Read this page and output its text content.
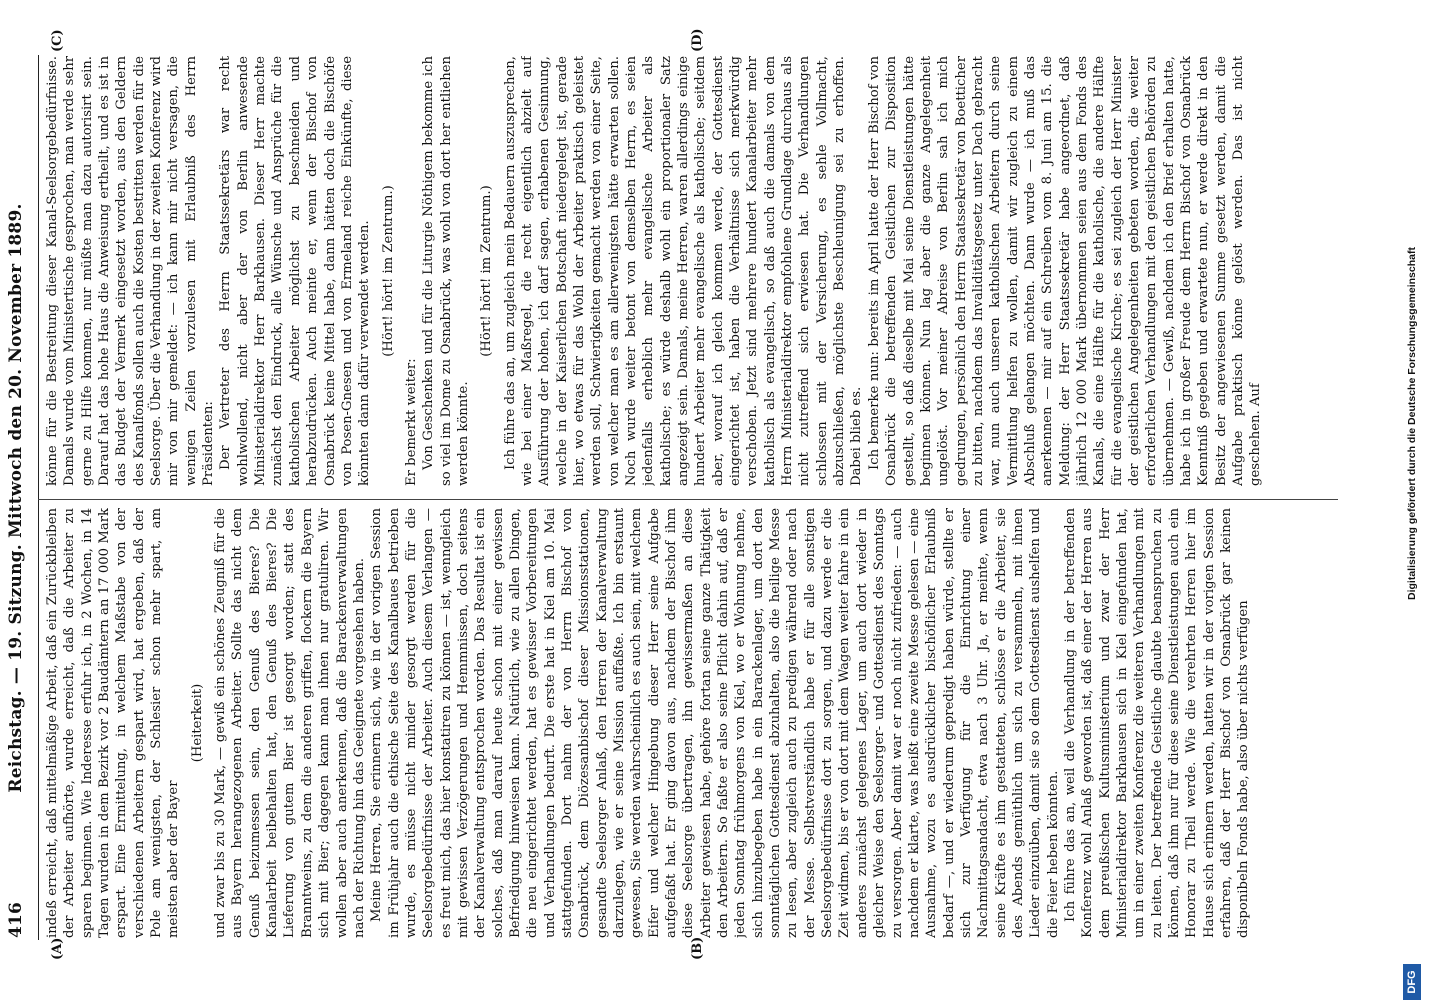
416
Reichstag. — 19. Sitzung. Mittwoch den 20. November 1889.
(A)	(B)
(C)	(D)

indeß erreicht, daß mittelmäßige Arbeit, daß ein Zurückbleiben der Arbeiter aufhörte, wurde erreicht, daß die Arbeiter zu sparen beginnen. Wie Inderesse erfuhr ich, in 2 Wochen, in 14 Tagen wurden in dem Bezirk vor 2 Baudämtern an 17 000 Mark erspart. Eine Ermittelung, in welchem Maßstabe von der verschiedenen Arbeitern gespart wird, hat ergeben, daß der Pole am wenigsten, der Schlesier schon mehr spart, am meisten aber der Bayer

(Heiterkeit) und zwar bis zu 30 Mark, — gewiß ein schönes Zeugniß für die aus Bayern herangezogenen Arbeiter. Sollte das nicht dem Genuß beizumessen sein, den Genuß des Bieres? Die Kanalarbeit beibehalten hat, den Genuß des Bieres? Die Lieferung von gutem Bier ist gesorgt worden; statt des Branntweins, zu dem die anderen griffen, flockern die Bayern sich mit Bier; dagegen kann man ihnen nur gratuliren. Wir wollen aber auch anerkennen, daß die Barackenverwaltungen nach der Richtung hin das Geeignete vorgesehen haben. Meine Herren, Sie erinnern sich, wie in der vorigen Session im Frühjahr auch die ethische Seite des Kanalbaues betrieben wurde, es müsse nicht minder gesorgt werden für die Seelsorgebedürfnisse der Arbeiter. Auch diesem Verlangen — es freut mich, das hier konstatiren zu können — ist, wenngleich mit gewissen Verzögerungen und Hemmnissen, doch seitens der Kanalverwaltung entsprochen worden. Das Resultat ist ein solches, daß man darauf heute schon mit einer gewissen Befriedigung hinweisen kann. Natürlich, wie zu allen Dingen, die neu eingerichtet werden, hat es gewisser Vorbereitungen und Verhandlungen bedurft. Die erste hat in Kiel am 10. Mai stattgefunden. Dort nahm der von Herrn Bischof von Osnabrück, dem Diözesanbischof dieser Missionsstationen, gesandte Seelsorger Anlaß, den Herren der Kanalverwaltung darzulegen, wie er seine Mission auffaßte. Ich bin erstaunt gewesen, Sie werden wahrscheinlich es auch sein, mit welchem Eifer und welcher Hingebung dieser Herr seine Aufgabe aufgefaßt hat. Er ging davon aus, nachdem der Bischof ihm diese Seelsorge übertragen, ihn gewissermaßen an diese Arbeiter gewiesen habe, gehöre fortan seine ganze Thätigkeit den Arbeitern. So faßte er also seine Pflicht dahin auf, daß er jeden Sonntag frühmorgens von Kiel, wo er Wohnung nehme, sich hinzubegeben habe in ein Barackenlager, um dort den sonntäglichen Gottesdienst abzuhalten, also die heilige Messe zu lesen, aber zugleich auch zu predigen während oder nach der Messe. Selbstverständlich habe er für alle sonstigen Seelsorgebedürfnisse dort zu sorgen, und dazu werde er die Zeit widmen, bis er von dort mit dem Wagen weiter fahre in ein anderes zunächst gelegenes Lager, um auch dort wieder in gleicher Weise den Seelsorger- und Gottesdienst des Sonntags zu versorgen. Aber damit war er noch nicht zufrieden: — auch nachdem er klarte, was heißt eine zweite Messe gelesen — eine Ausnahme, wozu es ausdrücklicher bischöflicher Erlaubniß bedarf —, und er wiederum gepredigt haben würde, stellte er sich zur Verfügung für die Einrichtung einer Nachmittagsandacht, etwa nach 3 Uhr. Ja, er meinte, wenn seine Kräfte es ihm gestatteten, schlösse er die Arbeiter, sie des Abends gemüthlich um sich zu versammeln, mit ihnen Lieder einzuüben, damit sie so dem Gottesdienst aushelfen und die Feier heben könnten. Ich führe das an, weil die Verhandlung in der betreffenden Konferenz wohl Anlaß geworden ist, daß einer der Herren aus dem preußischen Kultusministerium und zwar der Herr Ministerialdirektor Barkhausen sich in Kiel eingefunden hat, um in einer zweiten Konferenz die weiteren Verhandlungen mit zu leiten. Der betreffende Geistliche glaubte beanspruchen zu können, daß ihm nur für diese seine Dienstleistungen auch ein Honorar zu Theil werde. Wie die verehrten Herren hier im Hause sich erinnern werden, hatten wir in der vorigen Session erfahren, daß der Herr Bischof von Osnabrück gar keinen disponibeln Fonds habe, also über nichts verfügen

könne für die Bestreitung dieser Kanal-Seelsorgebedürfnisse. Damals wurde vom Ministertische gesprochen, man werde sehr gerne zu Hilfe kommen, nur müßte man dazu autorisirt sein. Darauf hat das hohe Haus die Anweisung ertheilt, und es ist in das Budget der Vermerk eingesetzt worden, aus den Geldern des Kanalfonds sollen auch die Kosten bestritten werden für die Seelsorge. Über die Verhandlung in der zweiten Konferenz wird mir von mir gemeldet: — ich kann mir nicht versagen, die wenigen Zeilen vorzulesen mit Erlaubniß des Herrn Präsidenten: Der Vertreter des Herrn Staatssekretärs war recht wohlwollend, nicht aber der von Berlin anwesende Ministerialdirektor Herr Barkhausen. Dieser Herr machte zunächst den Eindruck, alle Wünsche und Ansprüche für die katholischen Arbeiter möglichst zu beschneiden und herabzudrücken. Auch meinte er, wenn der Bischof von Osnabrück keine Mittel habe, dann hätten doch die Bischöfe von Posen-Gnesen und von Ermeland reiche Einkünfte, diese könnten dann dafür verwendet werden. (Hört! hört! im Zentrum.)

Er bemerkt weiter: Von Geschenken und für die Liturgie Nöthigem bekomme ich so viel im Dome zu Osnabrück, was wohl von dort her entliehen werden könnte.

(Hört! hört! im Zentrum.) Ich führe das an, um zugleich mein Bedauern auszusprechen, wie bei einer Maßregel, die recht eigentlich abzielt auf Ausführung der hohen, ich darf sagen, erhabenen Gesinnung, welche in der Kaiserlichen Botschaft niedergelegt ist, gerade hier, wo etwas für das Wohl der Arbeiter praktisch geleistet werden soll, Schwierigkeiten gemacht werden von einer Seite, von welcher man es am allerwenigsten hätte erwarten sollen. Noch wurde weiter betont von demselben Herrn, es seien jedenfalls erheblich mehr evangelische Arbeiter als katholische; es würde deshalb wohl ein proportionaler Satz angezeigt sein. Damals, meine Herren, waren allerdings einige hundert Arbeiter mehr evangelische als katholische; seitdem aber, worauf ich gleich kommen werde, der Gottesdienst eingerichtet ist, haben die Verhältnisse sich merkwürdig verschoben. Jetzt sind mehrere hundert Kanalarbeiter mehr katholisch als evangelisch, so daß auch die damals von dem Herrn Ministerialdirektor empfohlene Grundlage durchaus als nicht zutreffend sich erwiesen hat. Die Verhandlungen schlossen mit der Versicherung, es sehle Vollmacht, abzuschließen, möglichste Beschleunigung sei zu erhoffen. Dabei blieb es. Ich bemerke nun: bereits im April hatte der Herr Bischof von Osnabrück die betreffenden Geistlichen zur Disposition gestellt, so daß dieselbe mit Mai seine Dienstleistungen hätte beginnen können. Nun lag aber die ganze Angelegenheit ungelöst. Vor meiner Abreise von Berlin sah ich mich gedrungen, persönlich den Herrn Staatssekretär von Boetticher zu bitten, nachdem das Invaliditätsgesetz unter Dach gebracht war, nun auch unseren katholischen Arbeitern durch seine Vermittlung helfen zu wollen, damit wir zugleich zu einem Abschluß gelangen möchten. Dann wurde — ich muß das anerkennen — mir auf ein Schreiben vom 8. Juni am 15. die Meldung: der Herr Staatssekretär habe angeordnet, daß jährlich 12 000 Mark übernommen seien aus dem Fonds des Kanals, die eine Hälfte für die katholische, die andere Hälfte für die evangelische Kirche; es sei zugleich der Herr Minister der geistlichen Angelegenheiten gebeten worden, die weiter erforderlichen Verhandlungen mit den geistlichen Behörden zu übernehmen. — Gewiß, nachdem ich den Brief erhalten hatte, habe ich in großer Freude dem Herrn Bischof von Osnabrück Kenntniß gegeben und erwartete nun, er werde direkt in den Besitz der angewiesenen Summe gesetzt werden, damit die Aufgabe praktisch könne gelöst werden. Das ist nicht geschehen. Auf

DFG
Digitalisierung gefördert durch die Deutsche Forschungsgemeinschaft
